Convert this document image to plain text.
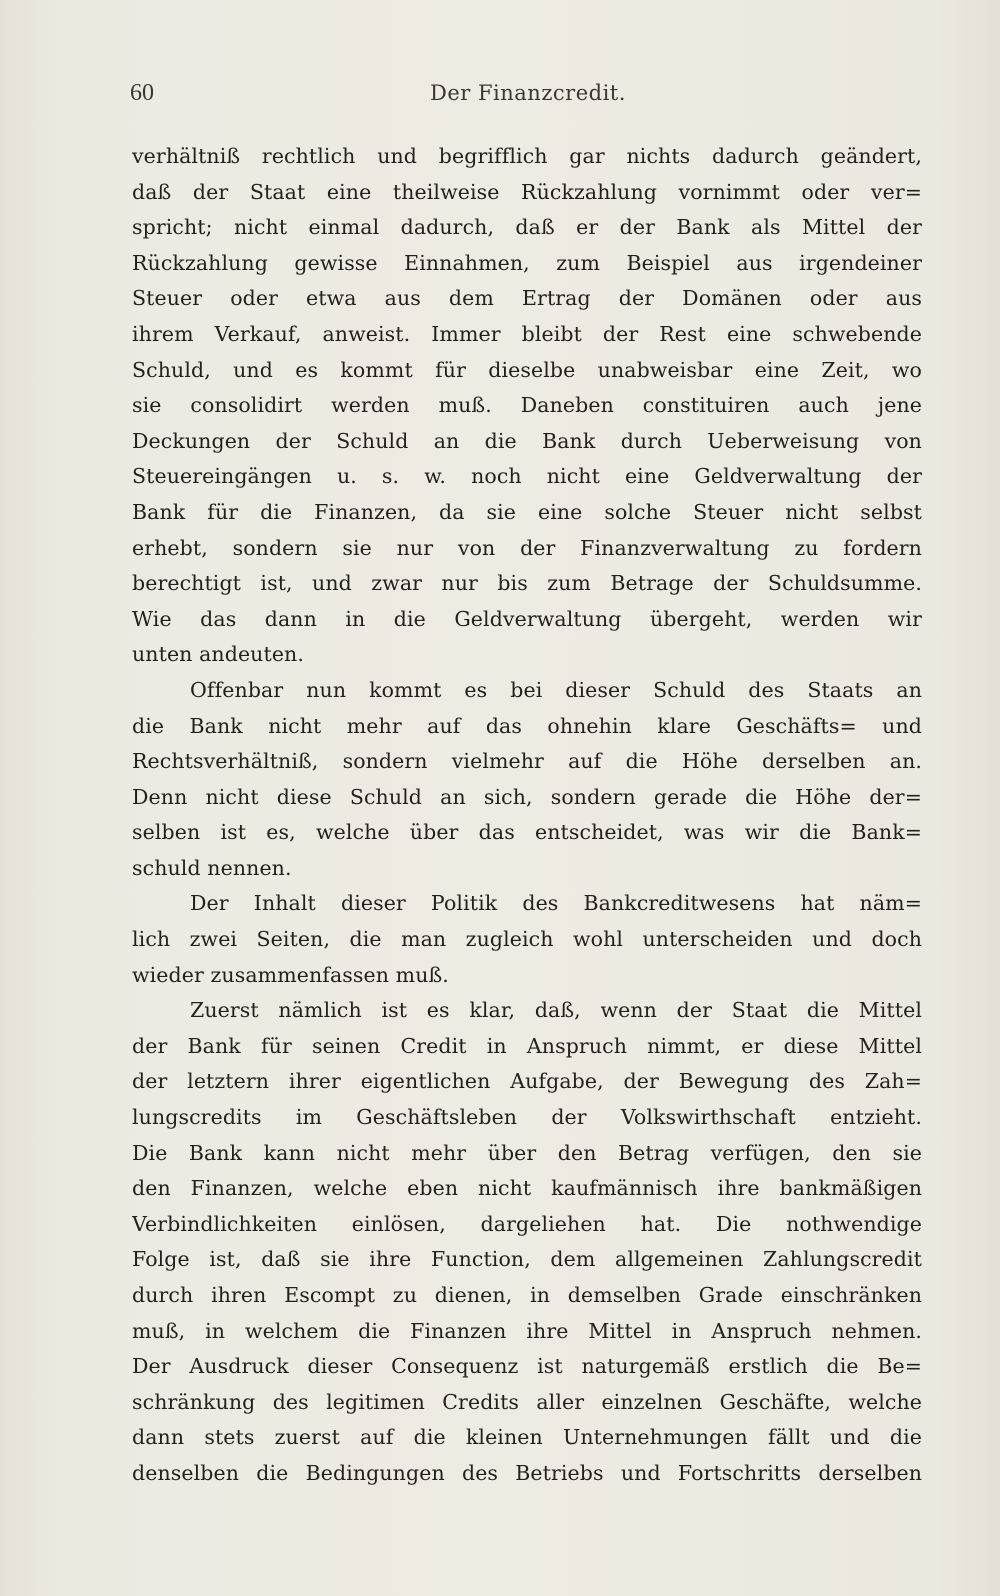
60	Der Finanzcredit.
verhältniß rechtlich und begrifflich gar nichts dadurch geändert,
daß der Staat eine theilweise Rückzahlung vornimmt oder ver=
spricht; nicht einmal dadurch, daß er der Bank als Mittel der
Rückzahlung gewisse Einnahmen, zum Beispiel aus irgendeiner
Steuer oder etwa aus dem Ertrag der Domänen oder aus
ihrem Verkauf, anweist. Immer bleibt der Rest eine schwebende
Schuld, und es kommt für dieselbe unabweisbar eine Zeit, wo
sie consolidirt werden muß. Daneben constituiren auch jene
Deckungen der Schuld an die Bank durch Ueberweisung von
Steuereingängen u. s. w. noch nicht eine Geldverwaltung der
Bank für die Finanzen, da sie eine solche Steuer nicht selbst
erhebt, sondern sie nur von der Finanzverwaltung zu fordern
berechtigt ist, und zwar nur bis zum Betrage der Schuldsumme.
Wie das dann in die Geldverwaltung übergeht, werden wir
unten andeuten.
Offenbar nun kommt es bei dieser Schuld des Staats an
die Bank nicht mehr auf das ohnehin klare Geschäfts= und
Rechtsverhältniß, sondern vielmehr auf die Höhe derselben an.
Denn nicht diese Schuld an sich, sondern gerade die Höhe der=
selben ist es, welche über das entscheidet, was wir die Bank=
schuld nennen.
Der Inhalt dieser Politik des Bankcreditwesens hat näm=
lich zwei Seiten, die man zugleich wohl unterscheiden und doch
wieder zusammenfassen muß.
Zuerst nämlich ist es klar, daß, wenn der Staat die Mittel
der Bank für seinen Credit in Anspruch nimmt, er diese Mittel
der letztern ihrer eigentlichen Aufgabe, der Bewegung des Zah=
lungscredits im Geschäftsleben der Volkswirthschaft entzieht.
Die Bank kann nicht mehr über den Betrag verfügen, den sie
den Finanzen, welche eben nicht kaufmännisch ihre bankmäßigen
Verbindlichkeiten einlösen, dargeliehen hat. Die nothwendige
Folge ist, daß sie ihre Function, dem allgemeinen Zahlungscredit
durch ihren Escompt zu dienen, in demselben Grade einschränken
muß, in welchem die Finanzen ihre Mittel in Anspruch nehmen.
Der Ausdruck dieser Consequenz ist naturgemäß erstlich die Be=
schränkung des legitimen Credits aller einzelnen Geschäfte, welche
dann stets zuerst auf die kleinen Unternehmungen fällt und die
denselben die Bedingungen des Betriebs und Fortschritts derselben
